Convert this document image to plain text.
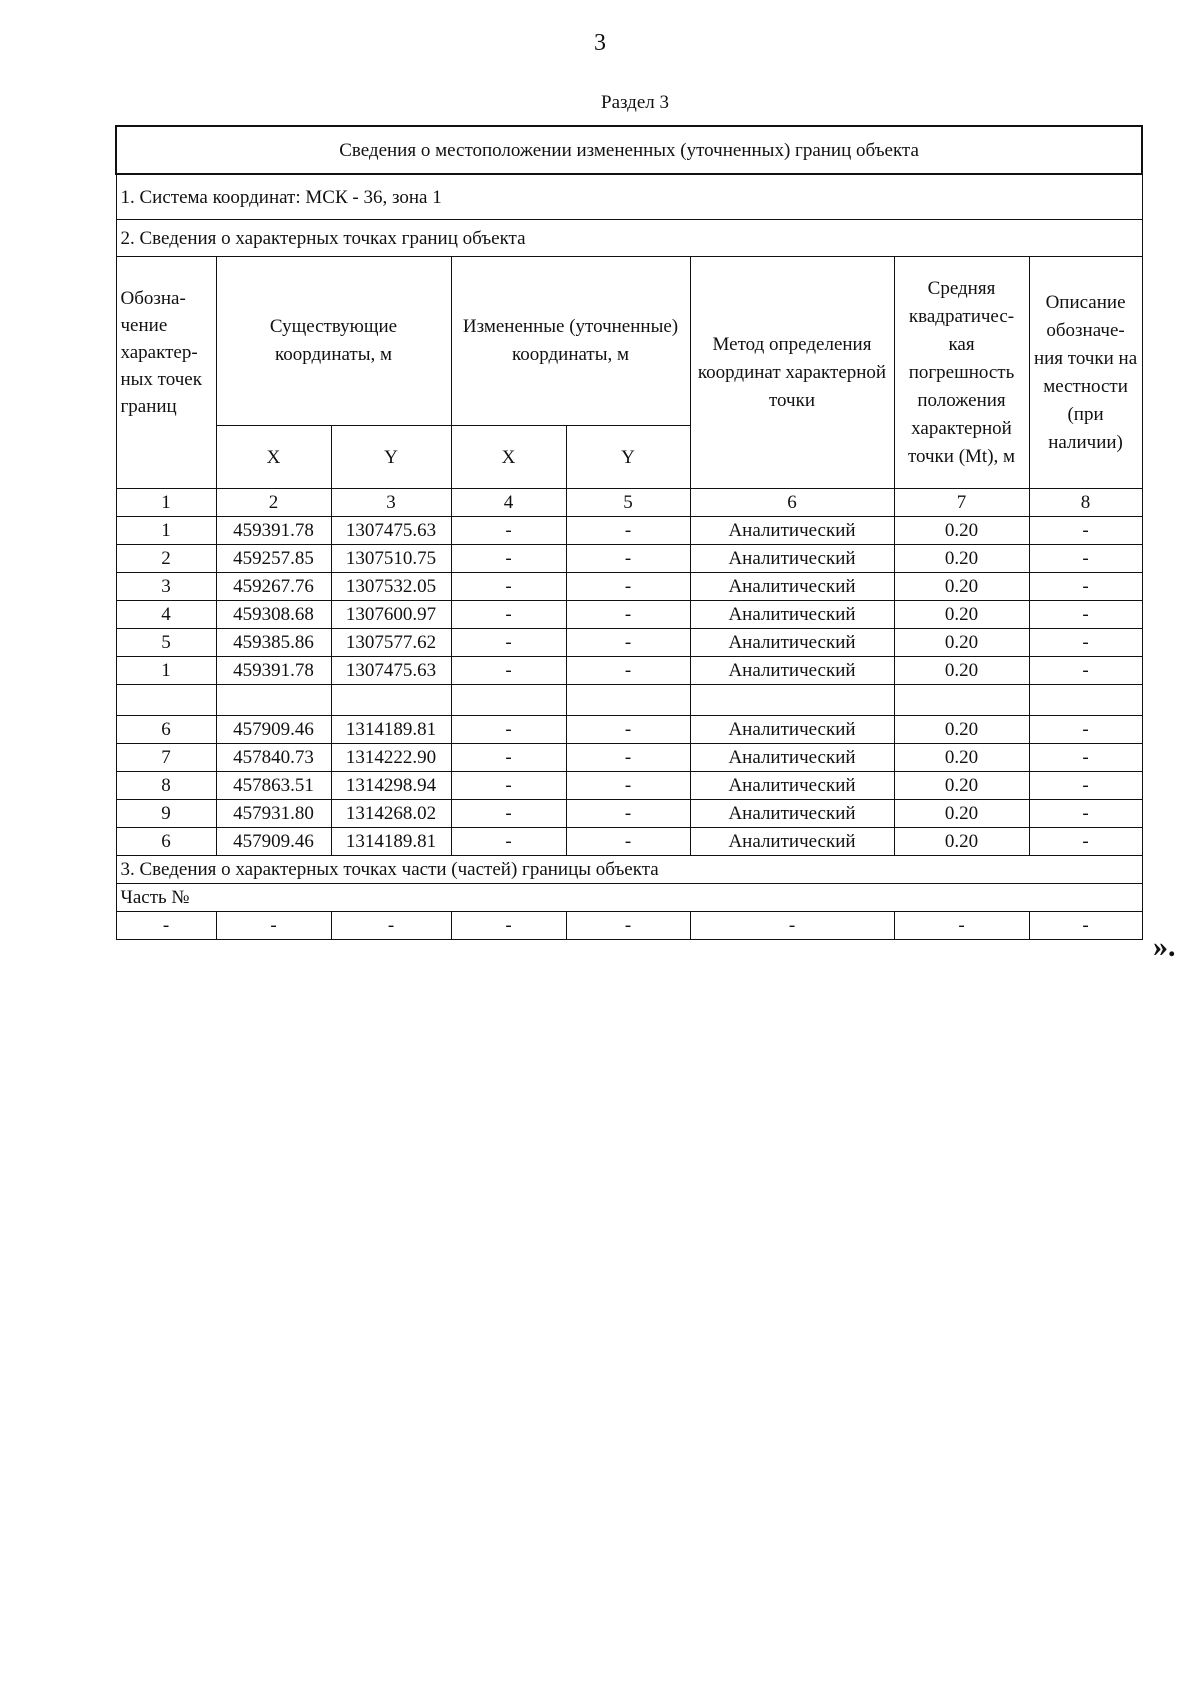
3
Раздел 3
Сведения о местоположении измененных (уточненных) границ объекта							
1. Система координат: МСК - 36, зона 1							
2. Сведения о характерных точках границ объекта							
Обозна-чение характер-ных точек границ	Существующие координаты, м		Измененные (уточненные) координаты, м		Метод определения координат характерной точки	Средняя квадратичес-кая погрешность положения характерной точки (Mt), м	Описание обозначе-ния точки на местности (при наличии)
	X	Y	X	Y			
1	2	3	4	5	6	7	8
1	459391.78	1307475.63	-	-	Аналитический	0.20	-
2	459257.85	1307510.75	-	-	Аналитический	0.20	-
3	459267.76	1307532.05	-	-	Аналитический	0.20	-
4	459308.68	1307600.97	-	-	Аналитический	0.20	-
5	459385.86	1307577.62	-	-	Аналитический	0.20	-
1	459391.78	1307475.63	-	-	Аналитический	0.20	-

6	457909.46	1314189.81	-	-	Аналитический	0.20	-
7	457840.73	1314222.90	-	-	Аналитический	0.20	-
8	457863.51	1314298.94	-	-	Аналитический	0.20	-
9	457931.80	1314268.02	-	-	Аналитический	0.20	-
6	457909.46	1314189.81	-	-	Аналитический	0.20	-
3. Сведения о характерных точках части (частей) границы объекта							
Часть №							
-	-	-	-	-	-	-	-
».
